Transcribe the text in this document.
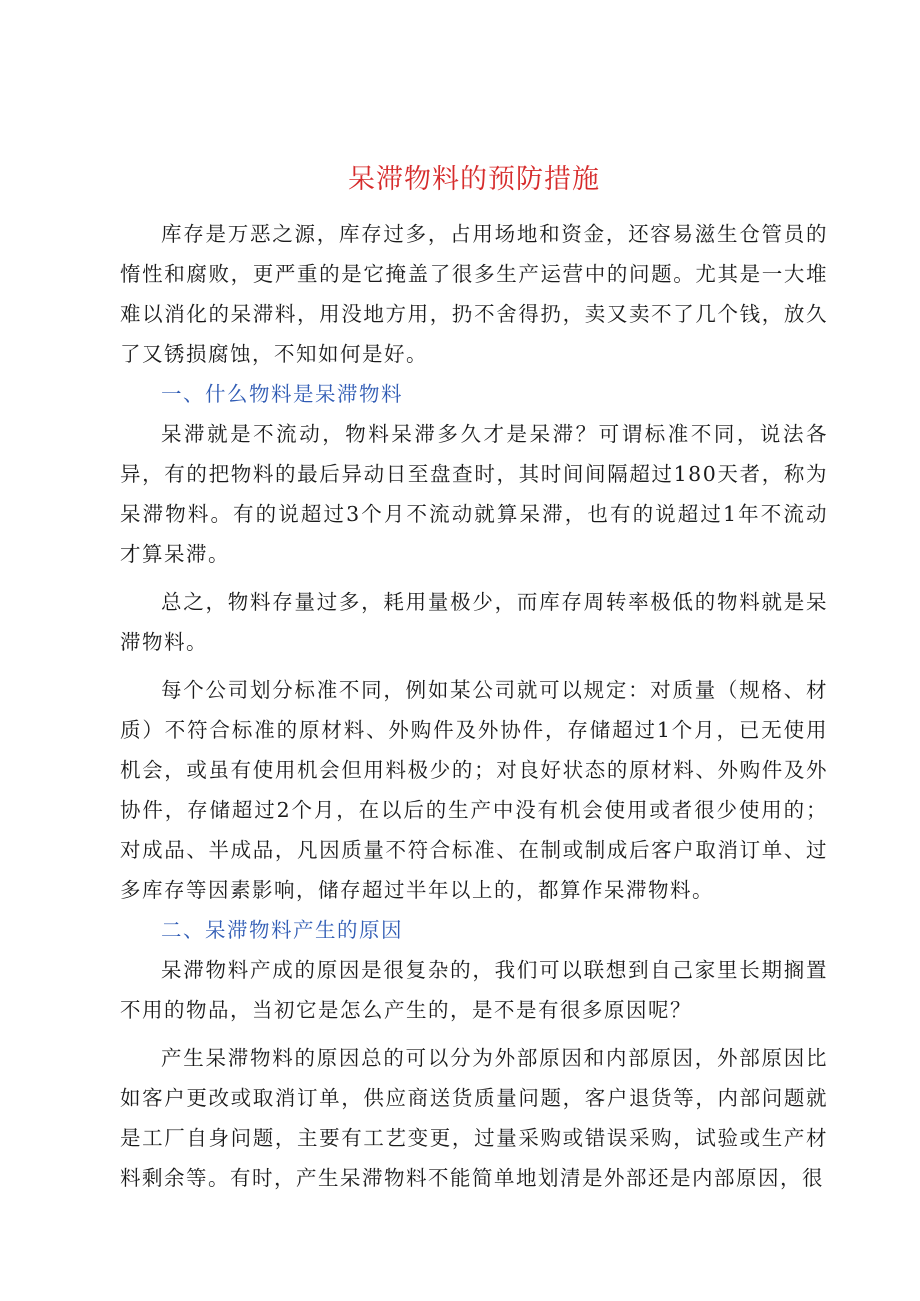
呆滞物料的预防措施

库存是万恶之源，库存过多，占用场地和资金，还容易滋生仓管员的惰性和腐败，更严重的是它掩盖了很多生产运营中的问题。尤其是一大堆难以消化的呆滞料，用没地方用，扔不舍得扔，卖又卖不了几个钱，放久了又锈损腐蚀，不知如何是好。

一、什么物料是呆滞物料

呆滞就是不流动，物料呆滞多久才是呆滞？可谓标准不同，说法各异，有的把物料的最后异动日至盘查时，其时间间隔超过180天者，称为呆滞物料。有的说超过3个月不流动就算呆滞，也有的说超过1年不流动才算呆滞。

总之，物料存量过多，耗用量极少，而库存周转率极低的物料就是呆滞物料。

每个公司划分标准不同，例如某公司就可以规定：对质量（规格、材质）不符合标准的原材料、外购件及外协件，存储超过1个月，已无使用机会，或虽有使用机会但用料极少的；对良好状态的原材料、外购件及外协件，存储超过2个月，在以后的生产中没有机会使用或者很少使用的；对成品、半成品，凡因质量不符合标准、在制或制成后客户取消订单、过多库存等因素影响，储存超过半年以上的，都算作呆滞物料。

二、呆滞物料产生的原因

呆滞物料产成的原因是很复杂的，我们可以联想到自己家里长期搁置不用的物品，当初它是怎么产生的，是不是有很多原因呢？

产生呆滞物料的原因总的可以分为外部原因和内部原因，外部原因比如客户更改或取消订单，供应商送货质量问题，客户退货等，内部问题就是工厂自身问题，主要有工艺变更，过量采购或错误采购，试验或生产材料剩余等。有时，产生呆滞物料不能简单地划清是外部还是内部原因，很
